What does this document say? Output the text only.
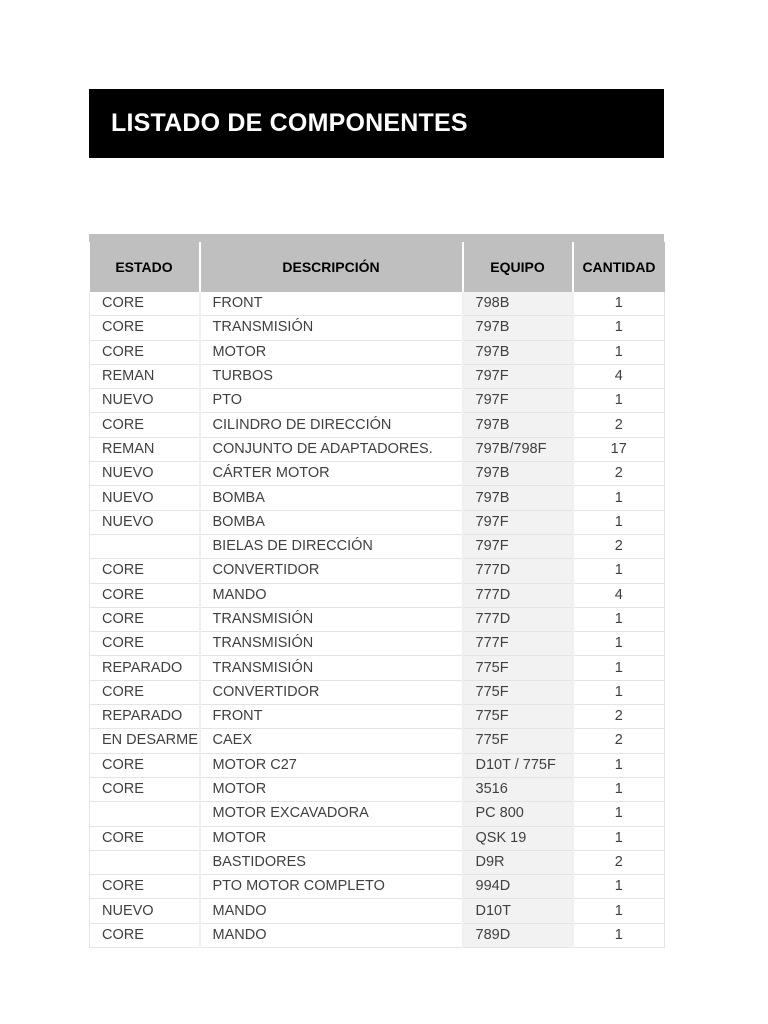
LISTADO DE COMPONENTES
ESTADO	DESCRIPCIÓN	EQUIPO	CANTIDAD
CORE	FRONT	798B	1
CORE	TRANSMISIÓN	797B	1
CORE	MOTOR	797B	1
REMAN	TURBOS	797F	4
NUEVO	PTO	797F	1
CORE	CILINDRO DE DIRECCIÓN	797B	2
REMAN	CONJUNTO DE ADAPTADORES.	797B/798F	17
NUEVO	CÁRTER MOTOR	797B	2
NUEVO	BOMBA	797B	1
NUEVO	BOMBA	797F	1
	BIELAS DE DIRECCIÓN	797F	2
CORE	CONVERTIDOR	777D	1
CORE	MANDO	777D	4
CORE	TRANSMISIÓN	777D	1
CORE	TRANSMISIÓN	777F	1
REPARADO	TRANSMISIÓN	775F	1
CORE	CONVERTIDOR	775F	1
REPARADO	FRONT	775F	2
EN DESARME	CAEX	775F	2
CORE	MOTOR C27	D10T / 775F	1
CORE	MOTOR	3516	1
	MOTOR EXCAVADORA	PC 800	1
CORE	MOTOR	QSK 19	1
	BASTIDORES	D9R	2
CORE	PTO MOTOR COMPLETO	994D	1
NUEVO	MANDO	D10T	1
CORE	MANDO	789D	1
